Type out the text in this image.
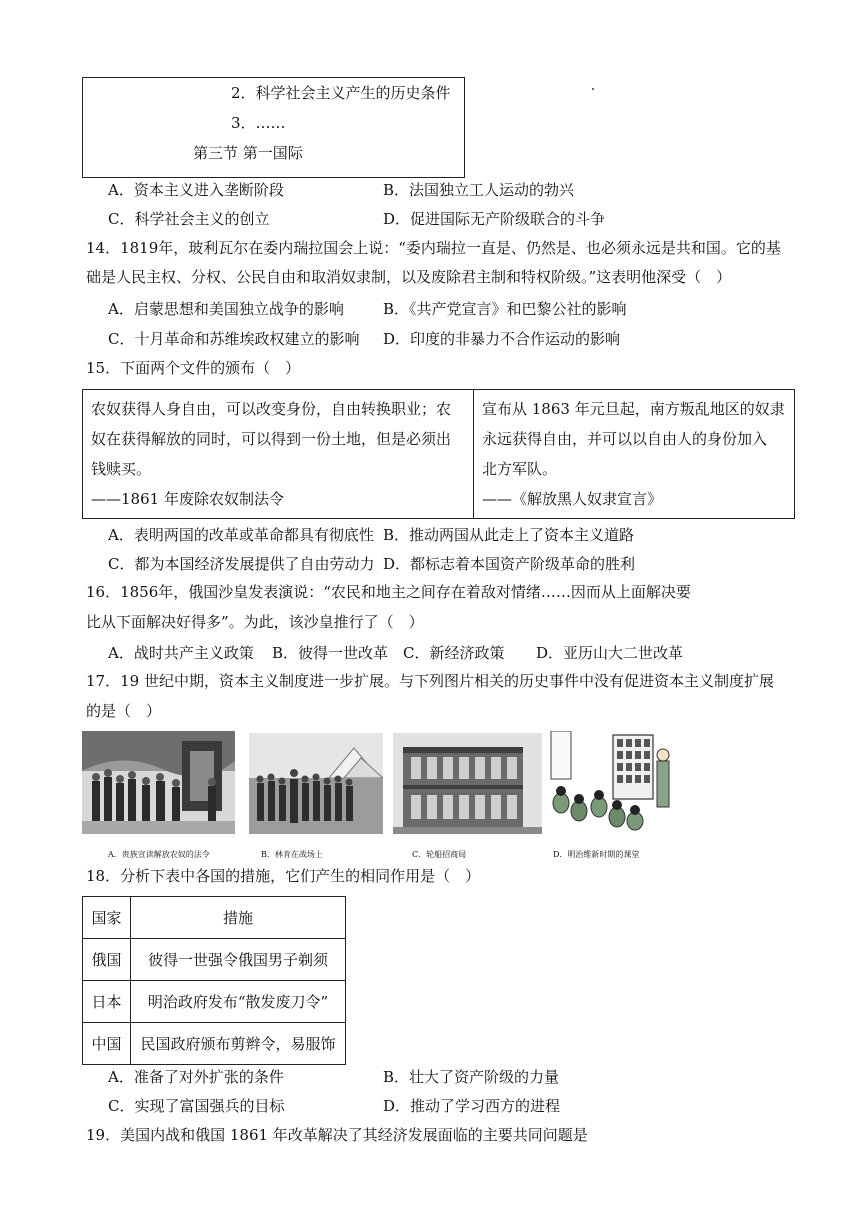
2．科学社会主义产生的历史条件
3．……
第三节 第一国际
A．资本主义进入垄断阶段	B．法国独立工人运动的勃兴
C．科学社会主义的创立	D．促进国际无产阶级联合的斗争
14．1819年，玻利瓦尔在委内瑞拉国会上说：“委内瑞拉一直是、仍然是、也必须永远是共和国。它的基
础是人民主权、分权、公民自由和取消奴隶制，以及废除君主制和特权阶级。”这表明他深受（　）
A．启蒙思想和美国独立战争的影响	B．《共产党宣言》和巴黎公社的影响
C．十月革命和苏维埃政权建立的影响 D．印度的非暴力不合作运动的影响
15．下面两个文件的颁布（　）
农奴获得人身自由，可以改变身份，自由转换职业；农
奴在获得解放的同时，可以得到一份土地，但是必须出
钱赎买。
——1861 年废除农奴制法令

宣布从 1863 年元旦起，南方叛乱地区的奴隶
永远获得自由，并可以以自由人的身份加入
北方军队。
——《解放黑人奴隶宣言》
A．表明两国的改革或革命都具有彻底性 B．推动两国从此走上了资本主义道路
C．都为本国经济发展提供了自由劳动力 D．都标志着本国资产阶级革命的胜利
16．1856年，俄国沙皇发表演说：“农民和地主之间存在着敌对情绪……因而从上面解决要
比从下面解决好得多”。为此，该沙皇推行了（　）
A．战时共产主义政策 B．彼得一世改革 C．新经济政策 D．亚历山大二世改革
17．19 世纪中期，资本主义制度进一步扩展。与下列图片相关的历史事件中没有促进资本主义制度扩展
的是（　）
A．贵族宣读解放农奴的法令	B．林肯在战场上	C．轮船招商局	D．明治维新时期的课堂
18．分析下表中各国的措施，它们产生的相同作用是（　）
国家	措施
俄国	彼得一世强令俄国男子剃须
日本	明治政府发布“散发废刀令”
中国	民国政府颁布剪辫令，易服饰
A．准备了对外扩张的条件	B．壮大了资产阶级的力量
C．实现了富国强兵的目标	D．推动了学习西方的进程
19．美国内战和俄国 1861 年改革解决了其经济发展面临的主要共同问题是
